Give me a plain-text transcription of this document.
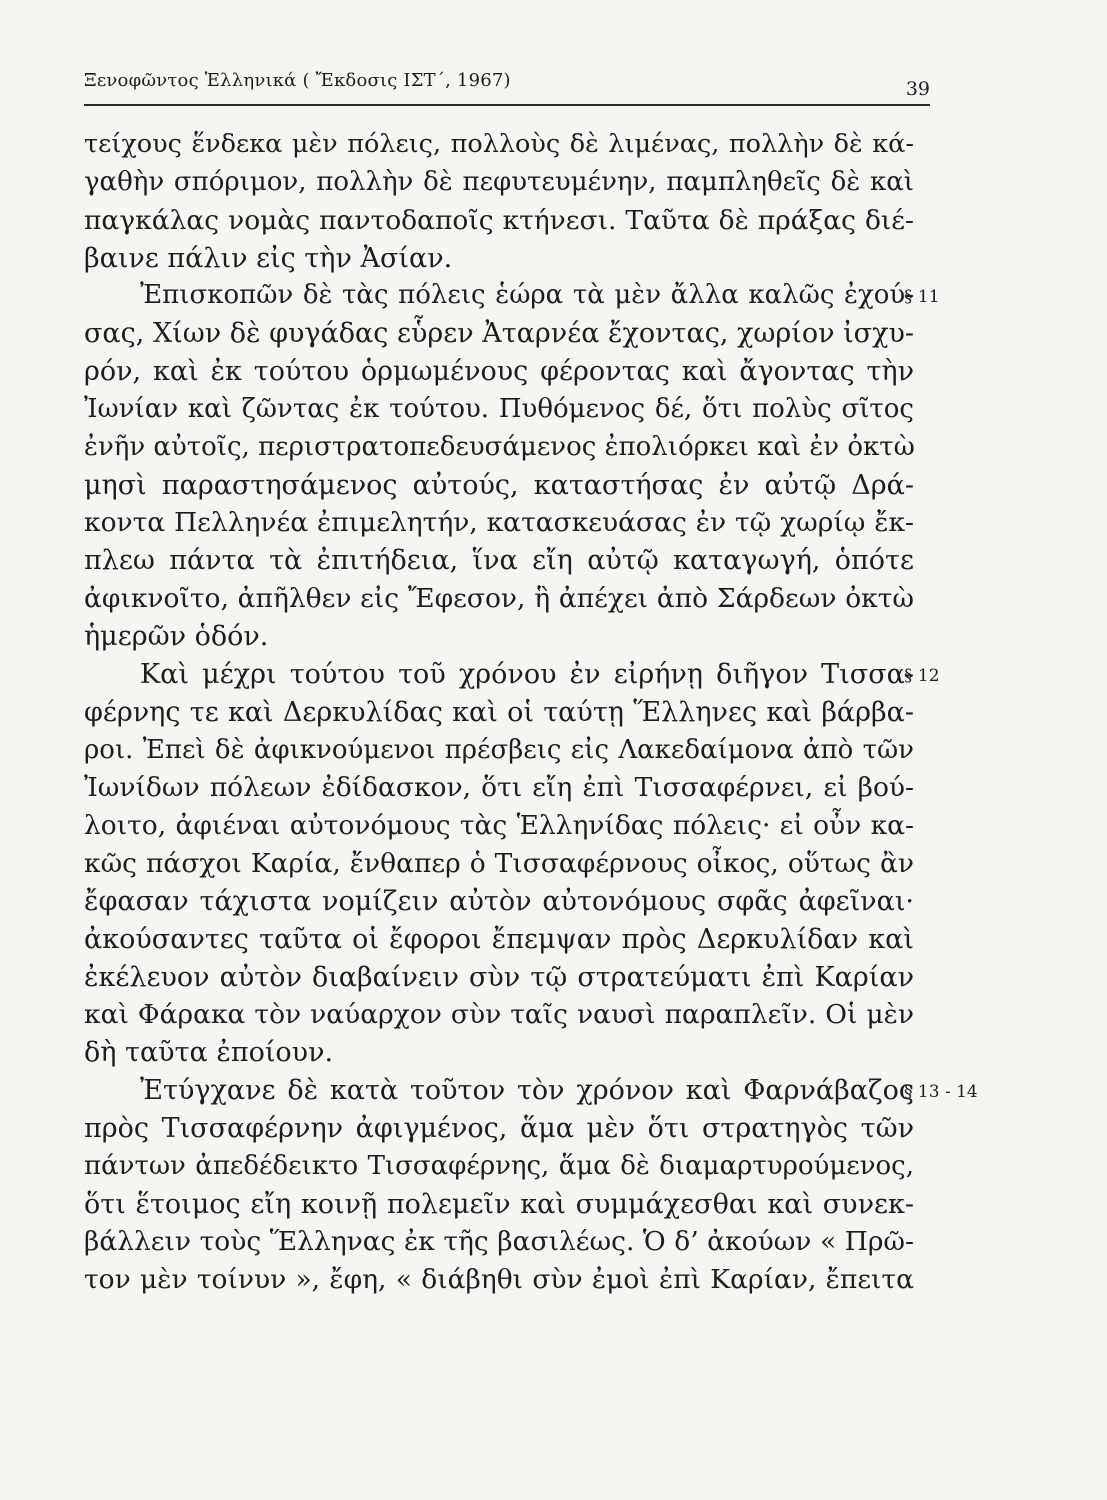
Ξενοφῶντος Ἑλληνικά ( Ἔκδοσις ΙΣΤ΄, 1967)	39
τείχους ἕνδεκα μὲν πόλεις, πολλοὺς δὲ λιμένας, πολλὴν δὲ κά-
γαθὴν σπόριμον, πολλὴν δὲ πεφυτευμένην, παμπληθεῖς δὲ καὶ
παγκάλας νομὰς παντοδαποῖς κτήνεσι. Ταῦτα δὲ πράξας διέ-
βαινε πάλιν εἰς τὴν Ἀσίαν.
Ἐπισκοπῶν δὲ τὰς πόλεις ἑώρα τὰ μὲν ἄλλα καλῶς ἐχού-
σας, Χίων δὲ φυγάδας εὗρεν Ἀταρνέα ἔχοντας, χωρίον ἰσχυ-
ρόν, καὶ ἐκ τούτου ὁρμωμένους φέροντας καὶ ἄγοντας τὴν
Ἰωνίαν καὶ ζῶντας ἐκ τούτου. Πυθόμενος δέ, ὅτι πολὺς σῖτος
ἐνῆν αὐτοῖς, περιστρατοπεδευσάμενος ἐπολιόρκει καὶ ἐν ὀκτὼ
μησὶ παραστησάμενος αὐτούς, καταστήσας ἐν αὐτῷ Δρά-
κοντα Πελληνέα ἐπιμελητήν, κατασκευάσας ἐν τῷ χωρίῳ ἔκ-
πλεω πάντα τὰ ἐπιτήδεια, ἵνα εἴη αὐτῷ καταγωγή, ὁπότε
ἀφικνοῖτο, ἀπῆλθεν εἰς Ἔφεσον, ἣ ἀπέχει ἀπὸ Σάρδεων ὀκτὼ
ἡμερῶν ὁδόν.
Καὶ μέχρι τούτου τοῦ χρόνου ἐν εἰρήνῃ διῆγον Τισσα-
φέρνης τε καὶ Δερκυλίδας καὶ οἱ ταύτῃ Ἕλληνες καὶ βάρβα-
ροι. Ἐπεὶ δὲ ἀφικνούμενοι πρέσβεις εἰς Λακεδαίμονα ἀπὸ τῶν
Ἰωνίδων πόλεων ἐδίδασκον, ὅτι εἴη ἐπὶ Τισσαφέρνει, εἰ βού-
λοιτο, ἀφιέναι αὐτονόμους τὰς Ἑλληνίδας πόλεις· εἰ οὖν κα-
κῶς πάσχοι Καρία, ἔνθαπερ ὁ Τισσαφέρνους οἶκος, οὕτως ἂν
ἔφασαν τάχιστα νομίζειν αὐτὸν αὐτονόμους σφᾶς ἀφεῖναι·
ἀκούσαντες ταῦτα οἱ ἔφοροι ἔπεμψαν πρὸς Δερκυλίδαν καὶ
ἐκέλευον αὐτὸν διαβαίνειν σὺν τῷ στρατεύματι ἐπὶ Καρίαν
καὶ Φάρακα τὸν ναύαρχον σὺν ταῖς ναυσὶ παραπλεῖν. Οἱ μὲν
δὴ ταῦτα ἐποίουν.
Ἐτύγχανε δὲ κατὰ τοῦτον τὸν χρόνον καὶ Φαρνάβαζος
πρὸς Τισσαφέρνην ἀφιγμένος, ἅμα μὲν ὅτι στρατηγὸς τῶν
πάντων ἀπεδέδεικτο Τισσαφέρνης, ἅμα δὲ διαμαρτυρούμενος,
ὅτι ἕτοιμος εἴη κοινῇ πολεμεῖν καὶ συμμάχεσθαι καὶ συνεκ-
βάλλειν τοὺς Ἕλληνας ἐκ τῆς βασιλέως. Ὁ δ’ ἀκούων « Πρῶ-
τον μὲν τοίνυν », ἔφη, « διάβηθι σὺν ἐμοὶ ἐπὶ Καρίαν, ἔπειτα
§ 11
§ 12
§ 13 - 14
